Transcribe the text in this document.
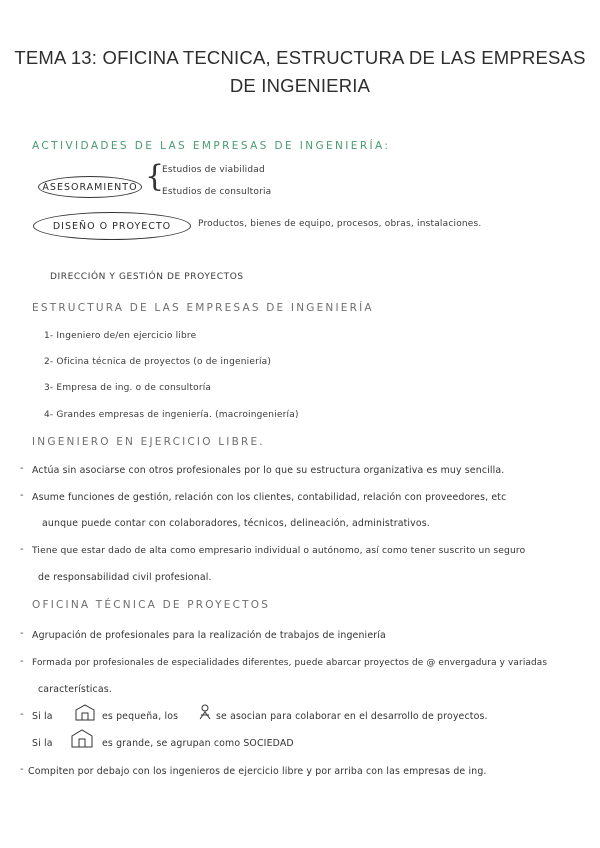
TEMA 13: OFICINA TECNICA, ESTRUCTURA DE LAS EMPRESAS
DE INGENIERIA
ACTIVIDADES DE LAS EMPRESAS DE INGENIERÍA:
ASESORAMIENTO {
Estudios de viabilidad
Estudios de consultoria
DISEÑO O PROYECTO	Productos, bienes de equipo, procesos, obras, instalaciones.
DIRECCIÓN Y GESTIÓN DE PROYECTOS
ESTRUCTURA DE LAS EMPRESAS DE INGENIERÍA
1- Ingeniero de/en ejercicio libre
2- Oficina técnica de proyectos (o de ingeniería)
3- Empresa de ing. o de consultoría
4- Grandes empresas de ingeniería. (macroingeniería)
INGENIERO EN EJERCICIO LIBRE.
- Actúa sin asociarse con otros profesionales por lo que su estructura organizativa es muy sencilla.
- Asume funciones de gestión, relación con los clientes, contabilidad, relación con proveedores, etc
aunque puede contar con colaboradores, técnicos, delineación, administrativos.
- Tiene que estar dado de alta como empresario individual o autónomo, así como tener suscrito un seguro
de responsabilidad civil profesional.
OFICINA TÉCNICA DE PROYECTOS
- Agrupación de profesionales para la realización de trabajos de ingeniería
- Formada por profesionales de especialidades diferentes, puede abarcar proyectos de @ envergadura y variadas
características.
- Si la	es pequeña, los	se asocian para colaborar en el desarrollo de proyectos.
Si la	es grande, se agrupan como SOCIEDAD
- Compiten por debajo con los ingenieros de ejercicio libre y por arriba con las empresas de ing.
